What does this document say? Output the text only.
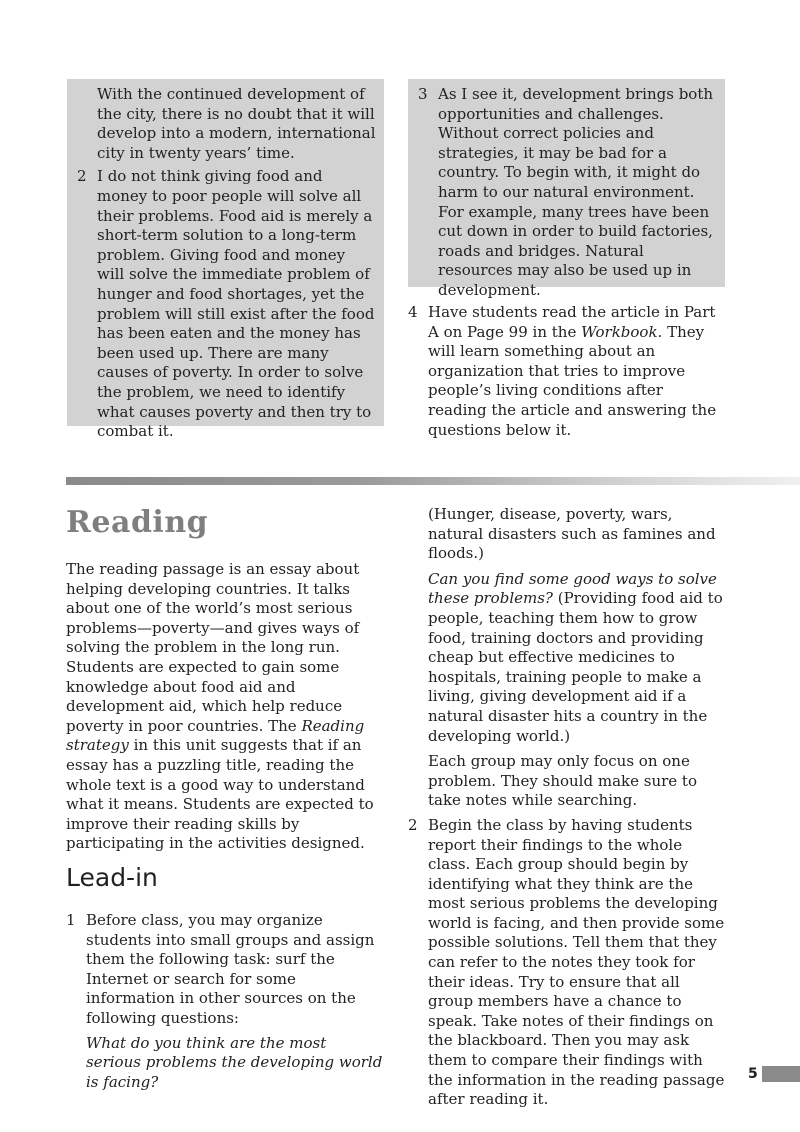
With the continued development of the city, there is no doubt that it will develop into a modern, international city in twenty years’ time.

2 I do not think giving food and money to poor people will solve all their problems. Food aid is merely a short-term solution to a long-term problem. Giving food and money will solve the immediate problem of hunger and food shortages, yet the problem will still exist after the food has been eaten and the money has been used up. There are many causes of poverty. In order to solve the problem, we need to identify what causes poverty and then try to combat it.

3 As I see it, development brings both opportunities and challenges. Without correct policies and strategies, it may be bad for a country. To begin with, it might do harm to our natural environment. For example, many trees have been cut down in order to build factories, roads and bridges. Natural resources may also be used up in development.

4 Have students read the article in Part A on Page 99 in the Workbook. They will learn something about an organization that tries to improve people’s living conditions after reading the article and answering the questions below it.

Reading

The reading passage is an essay about helping developing countries. It talks about one of the world’s most serious problems—poverty—and gives ways of solving the problem in the long run. Students are expected to gain some knowledge about food aid and development aid, which help reduce poverty in poor countries. The Reading strategy in this unit suggests that if an essay has a puzzling title, reading the whole text is a good way to understand what it means. Students are expected to improve their reading skills by participating in the activities designed.

Lead-in
1 Before class, you may organize students into small groups and assign them the following task: surf the Internet or search for some information in other sources on the following questions:

What do you think are the most serious problems the developing world is facing?

(Hunger, disease, poverty, wars, natural disasters such as famines and floods.)

Can you find some good ways to solve these problems? (Providing food aid to people, teaching them how to grow food, training doctors and providing cheap but effective medicines to hospitals, training people to make a living, giving development aid if a natural disaster hits a country in the developing world.)

Each group may only focus on one problem. They should make sure to take notes while searching.

2 Begin the class by having students report their findings to the whole class. Each group should begin by identifying what they think are the most serious problems the developing world is facing, and then provide some possible solutions. Tell them that they can refer to the notes they took for their ideas. Try to ensure that all group members have a chance to speak. Take notes of their findings on the blackboard. Then you may ask them to compare their findings with the information in the reading passage after reading it.

5
